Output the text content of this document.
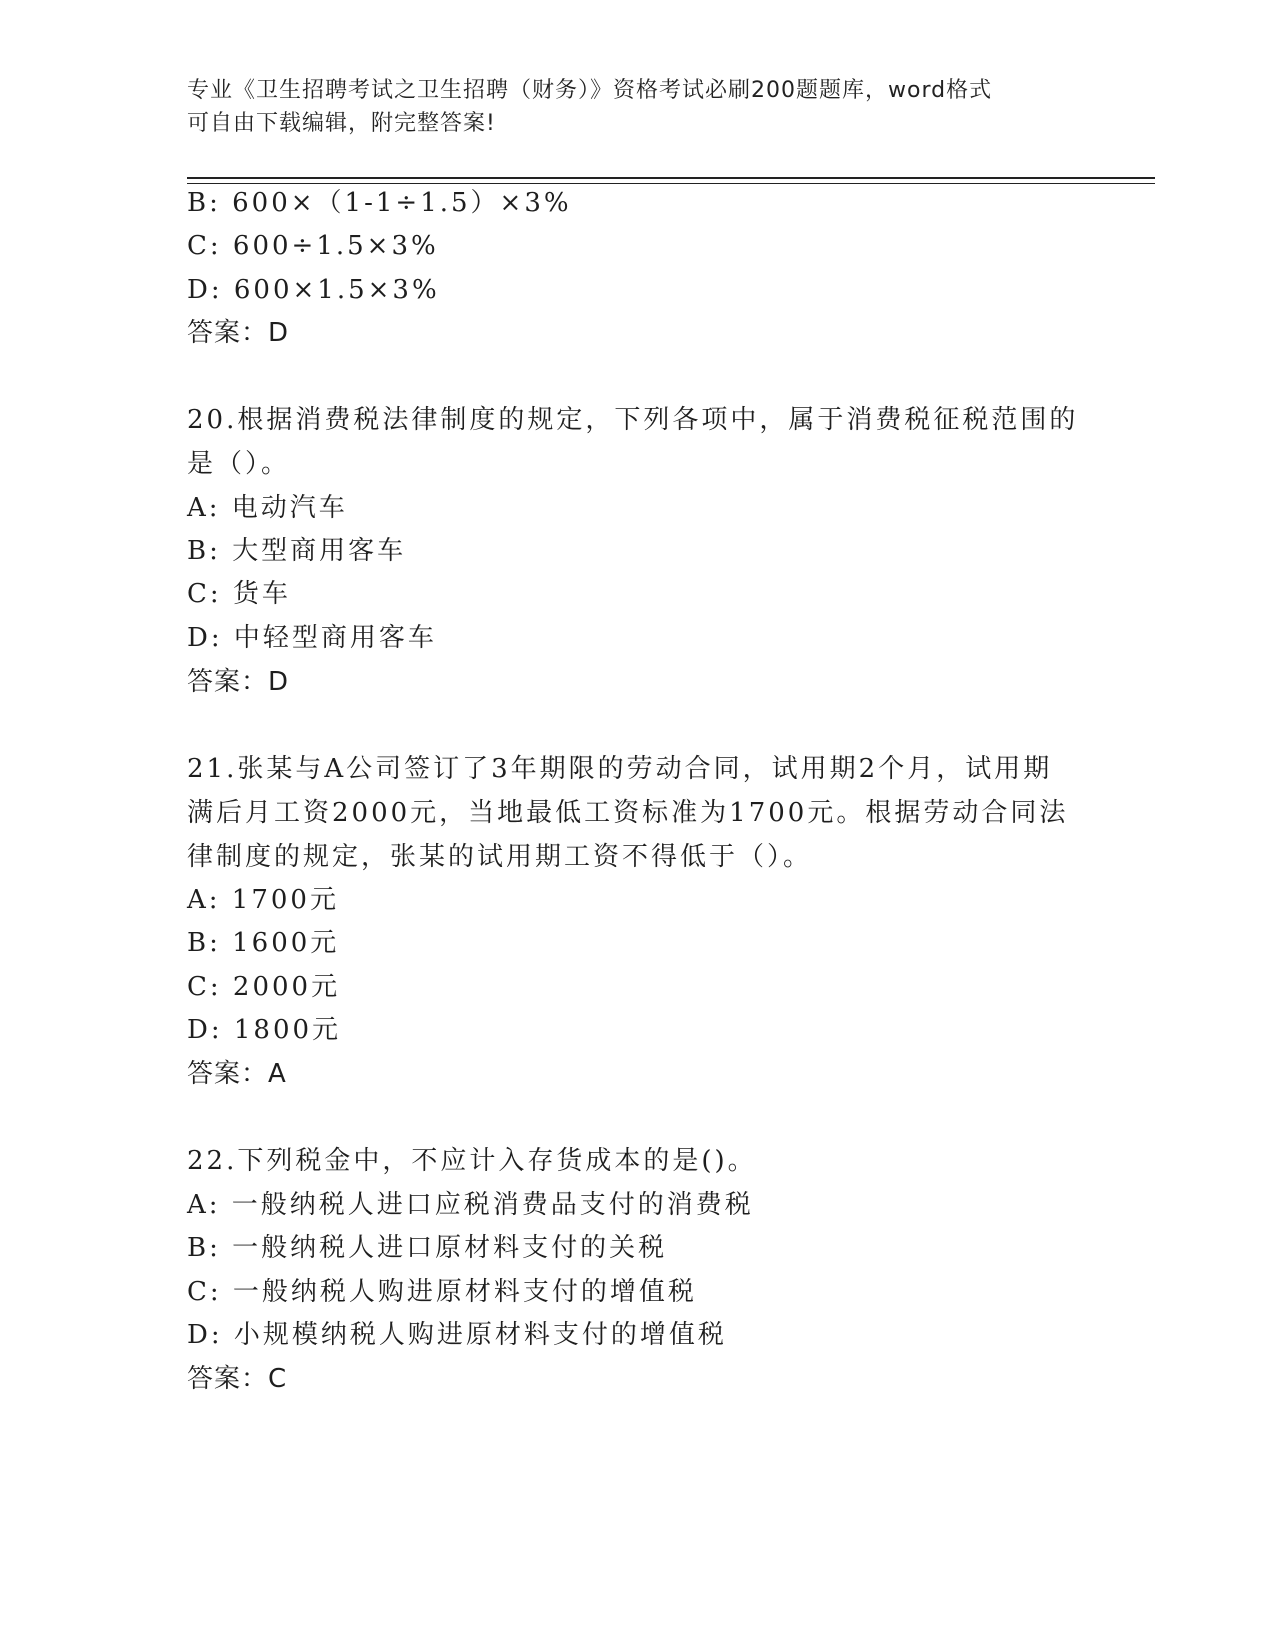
专业《卫生招聘考试之卫生招聘（财务）》资格考试必刷200题题库，word格式
可自由下载编辑，附完整答案!
B: 600×（1-1÷1.5）×3%
C: 600÷1.5×3%
D: 600×1.5×3%
答案：D
20.根据消费税法律制度的规定，下列各项中，属于消费税征税范围的
是（）。
A: 电动汽车
B: 大型商用客车
C: 货车
D: 中轻型商用客车
答案：D
21.张某与A公司签订了3年期限的劳动合同，试用期2个月，试用期
满后月工资2000元，当地最低工资标准为1700元。根据劳动合同法
律制度的规定，张某的试用期工资不得低于（）。
A: 1700元
B: 1600元
C: 2000元
D: 1800元
答案：A
22.下列税金中，不应计入存货成本的是()。
A: 一般纳税人进口应税消费品支付的消费税
B: 一般纳税人进口原材料支付的关税
C: 一般纳税人购进原材料支付的增值税
D: 小规模纳税人购进原材料支付的增值税
答案：C
